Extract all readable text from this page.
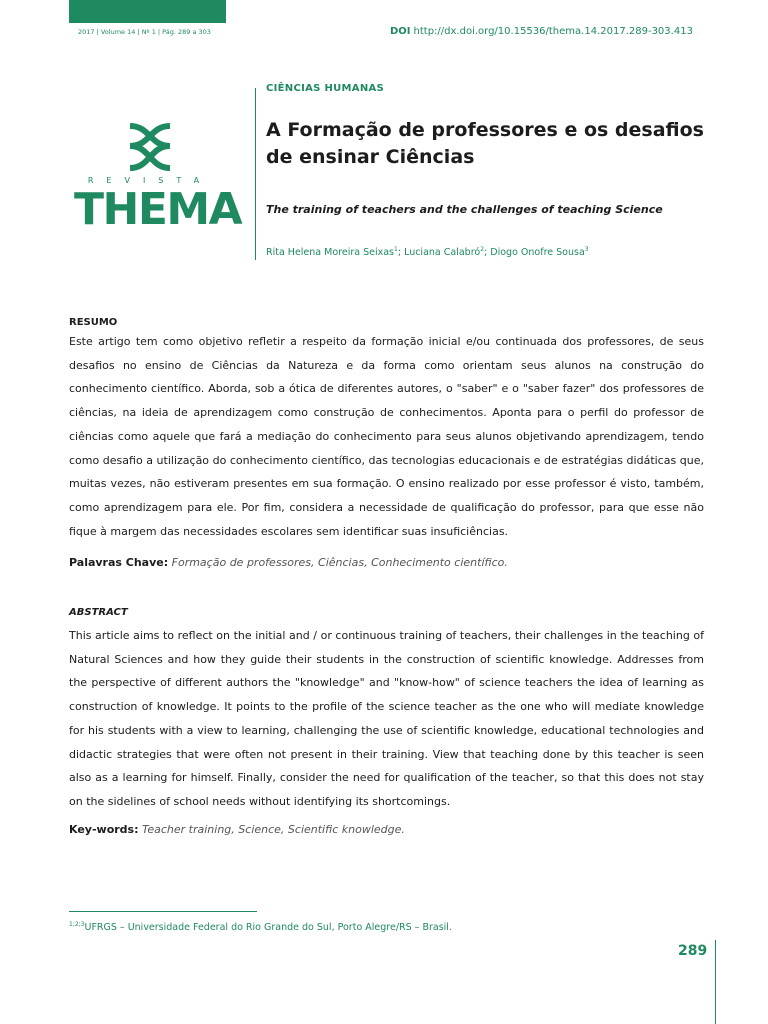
2017 | Volume 14 | Nº 1 | Pág. 289 a 303	DOI http://dx.doi.org/10.15536/thema.14.2017.289-303.413
REVISTA
THEMA
CIÊNCIAS HUMANAS
A Formação de professores e os desafios de ensinar Ciências
The training of teachers and the challenges of teaching Science
Rita Helena Moreira Seixas$^1$; Luciana Calabró$^2$; Diogo Onofre Sousa$^3$
RESUMO
Este artigo tem como objetivo refletir a respeito da formação inicial e/ou continuada dos professores, de seus desafios no ensino de Ciências da Natureza e da forma como orientam seus alunos na construção do conhecimento científico. Aborda, sob a ótica de diferentes autores, o "saber" e o "saber fazer" dos professores de ciências, na ideia de aprendizagem como construção de conhecimentos. Aponta para o perfil do professor de ciências como aquele que fará a mediação do conhecimento para seus alunos objetivando aprendizagem, tendo como desafio a utilização do conhecimento científico, das tecnologias educacionais e de estratégias didáticas que, muitas vezes, não estiveram presentes em sua formação. O ensino realizado por esse professor é visto, também, como aprendizagem para ele. Por fim, considera a necessidade de qualificação do professor, para que esse não fique à margem das necessidades escolares sem identificar suas insuficiências.
Palavras Chave: Formação de professores, Ciências, Conhecimento científico.
ABSTRACT
This article aims to reflect on the initial and / or continuous training of teachers, their challenges in the teaching of Natural Sciences and how they guide their students in the construction of scientific knowledge. Addresses from the perspective of different authors the "knowledge" and "know-how" of science teachers the idea of learning as construction of knowledge. It points to the profile of the science teacher as the one who will mediate knowledge for his students with a view to learning, challenging the use of scientific knowledge, educational technologies and didactic strategies that were often not present in their training. View that teaching done by this teacher is seen also as a learning for himself. Finally, consider the need for qualification of the teacher, so that this does not stay on the sidelines of school needs without identifying its shortcomings.
Key-words: Teacher training, Science, Scientific knowledge.
$^{1;2;3}$UFRGS – Universidade Federal do Rio Grande do Sul, Porto Alegre/RS – Brasil.
289
